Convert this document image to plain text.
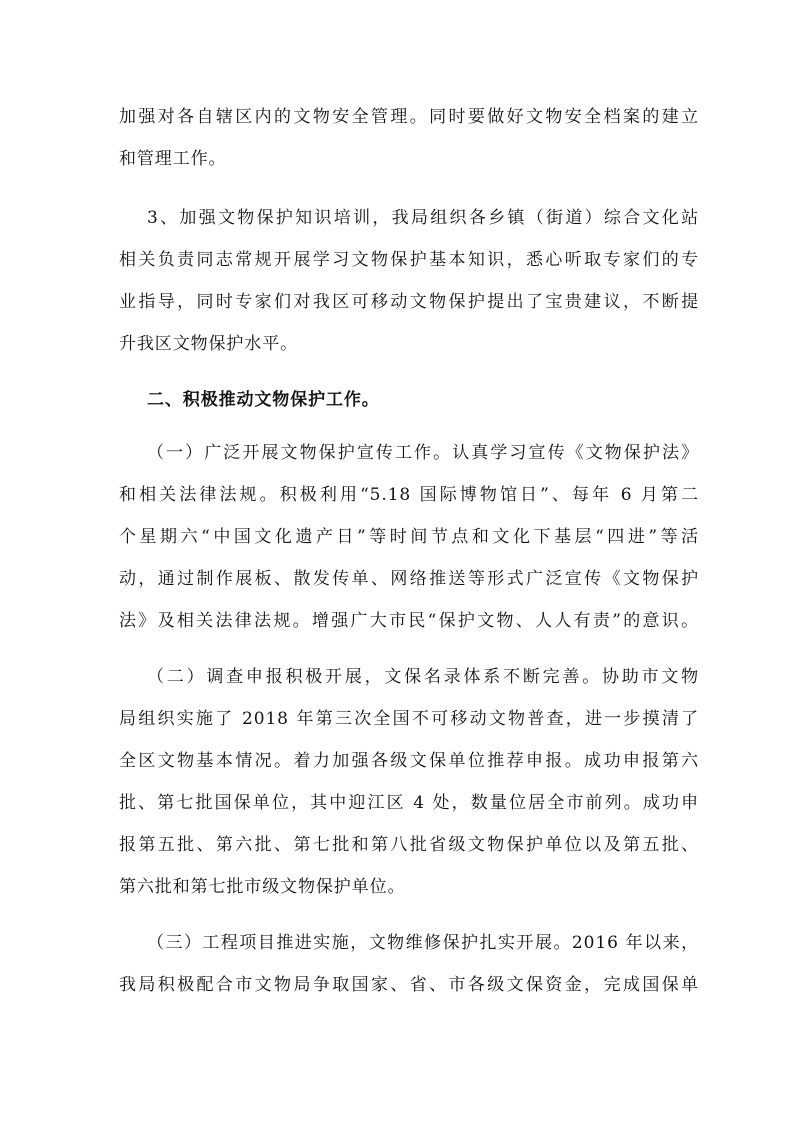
加强对各自辖区内的文物安全管理。同时要做好文物安全档案的建立
和管理工作。
3、加强文物保护知识培训，我局组织各乡镇（街道）综合文化站
相关负责同志常规开展学习文物保护基本知识，悉心听取专家们的专
业指导，同时专家们对我区可移动文物保护提出了宝贵建议，不断提
升我区文物保护水平。
二、积极推动文物保护工作。
（一）广泛开展文物保护宣传工作。认真学习宣传《文物保护法》
和相关法律法规。积极利用“5.18 国际博物馆日”、每年 6 月第二
个星期六“中国文化遗产日”等时间节点和文化下基层“四进”等活
动，通过制作展板、散发传单、网络推送等形式广泛宣传《文物保护
法》及相关法律法规。增强广大市民“保护文物、人人有责”的意识。
（二）调查申报积极开展，文保名录体系不断完善。协助市文物
局组织实施了 2018 年第三次全国不可移动文物普查，进一步摸清了
全区文物基本情况。着力加强各级文保单位推荐申报。成功申报第六
批、第七批国保单位，其中迎江区 4 处，数量位居全市前列。成功申
报第五批、第六批、第七批和第八批省级文物保护单位以及第五批、
第六批和第七批市级文物保护单位。
（三）工程项目推进实施，文物维修保护扎实开展。2016 年以来，
我局积极配合市文物局争取国家、省、市各级文保资金，完成国保单
